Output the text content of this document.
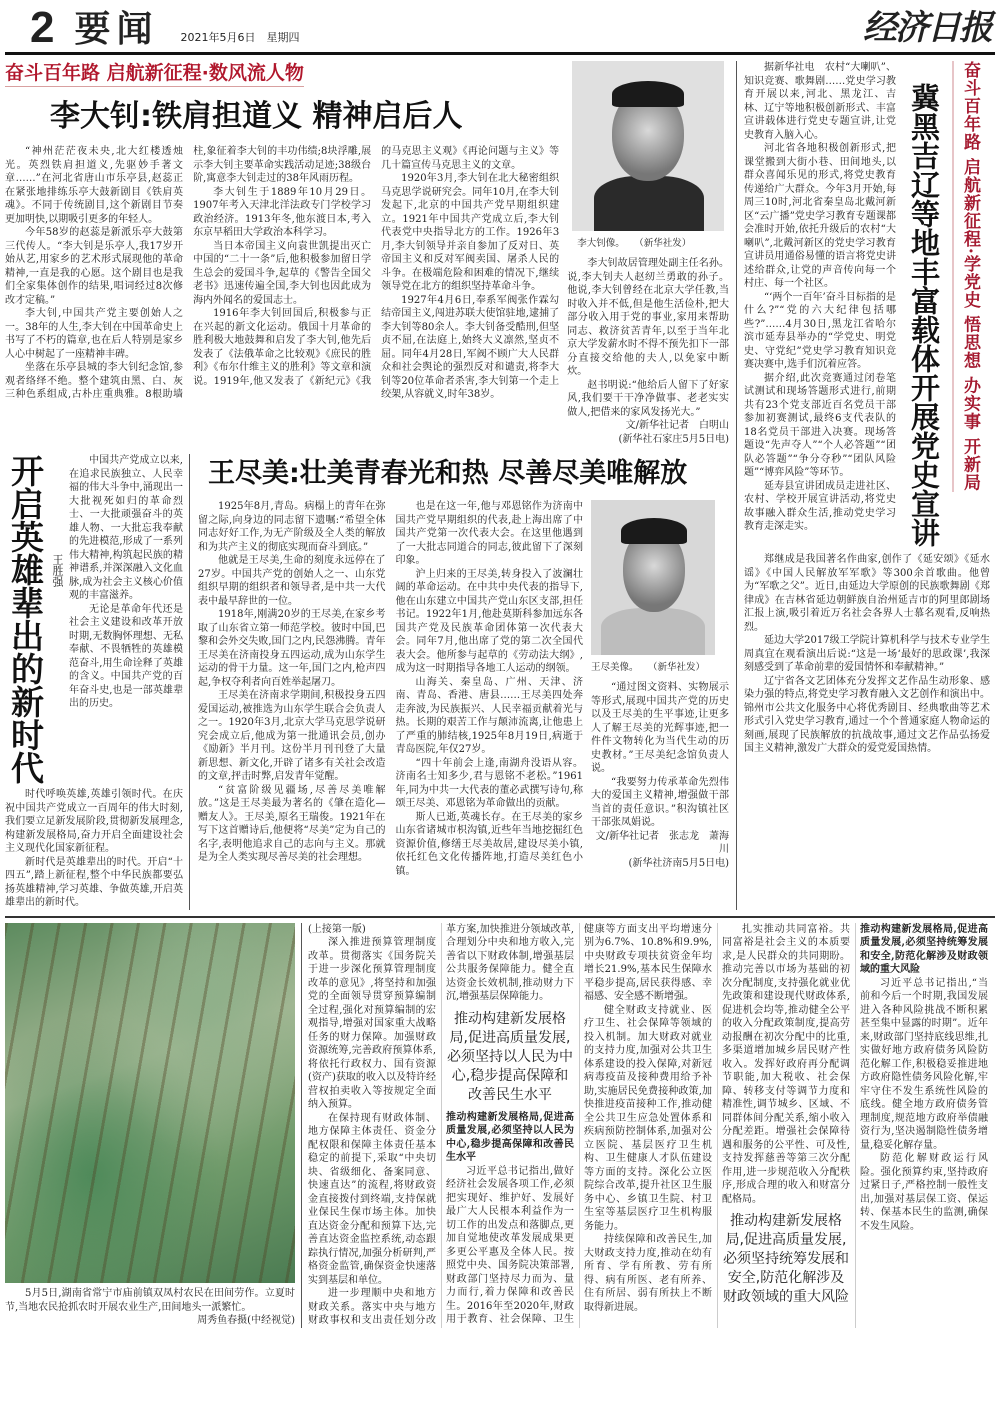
2 要闻 2021年5月6日　星期四	经济日报
奋斗百年路 启航新征程·数风流人物
李大钊:铁肩担道义 精神启后人

“神州茫茫夜未央,北大红楼透烛光。英烈铁肩担道义,先驱妙手著文章……”在河北省唐山市乐亭县,赵蕊正在紧张地排练乐亭大鼓新剧目《铁肩英魂》。不同于传统剧目,这个新剧目节奏更加明快,以期吸引更多的年轻人。

今年58岁的赵蕊是新派乐亭大鼓第三代传人。“李大钊是乐亭人,我17岁开始从艺,用家乡的艺术形式展现他的革命精神,一直是我的心愿。这个剧目也是我们全家集体创作的结果,唱词经过8次修改才定稿。”

李大钊,中国共产党主要创始人之一。38年的人生,李大钊在中国革命史上书写了不朽的篇章,也在后人特别是家乡人心中树起了一座精神丰碑。

坐落在乐亭县城的李大钊纪念馆,参观者络绎不绝。整个建筑由黑、白、灰三种色系组成,古朴庄重典雅。8根助墙柱,象征着李大钊的丰功伟绩;8块浮雕,展示李大钊主要革命实践活动足迹;38级台阶,寓意李大钊走过的38年风雨历程。

李大钊生于1889年10月29日。1907年考入天津北洋法政专门学校学习政治经济。1913年冬,他东渡日本,考入东京早稻田大学政治本科学习。

当日本帝国主义向袁世凯提出灭亡中国的“二十一条”后,他积极参加留日学生总会的爱国斗争,起草的《警告全国父老书》迅速传遍全国,李大钊也因此成为海内外闻名的爱国志士。

1916年李大钊回国后,积极参与正在兴起的新文化运动。俄国十月革命的胜利极大地鼓舞和启发了李大钊,他先后发表了《法俄革命之比较观》《庶民的胜利》《布尔什维主义的胜利》等文章和演说。1919年,他又发表了《新纪元》《我的马克思主义观》《再论问题与主义》等几十篇宣传马克思主义的文章。

1920年3月,李大钊在北大秘密组织马克思学说研究会。同年10月,在李大钊发起下,北京的中国共产党早期组织建立。1921年中国共产党成立后,李大钊代表党中央指导北方的工作。1926年3月,李大钊领导并亲自参加了反对日、英帝国主义和反对军阀卖国、屠杀人民的斗争。在极端危险和困难的情况下,继续领导党在北方的组织坚持革命斗争。

1927年4月6日,奉系军阀张作霖勾结帝国主义,闯进苏联大使馆驻地,逮捕了李大钊等80余人。李大钊备受酷刑,但坚贞不屈,在法庭上,始终大义凛然,坚贞不屈。同年4月28日,军阀不顾广大人民群众和社会舆论的强烈反对和谴责,将李大钊等20位革命者杀害,李大钊第一个走上绞架,从容就义,时年38岁。

李大钊像。　　（新华社发）

李大钊故居管理处副主任名孙。说,李大钊夫人赵纫兰勇敢的孙子。他说,李大钊曾经在北京大学任教,当时收入并不低,但是他生活俭朴,把大部分收入用于党的事业,家用来帮助同志、救济贫苦青年,以至于当年北京大学发薪水时不得不预先扣下一部分直接交给他的夫人,以免家中断炊。

赵书明说:“他给后人留下了好家风,我们要干干净净做事、老老实实做人,把借来的家风发扬光大。”

文/新华社记者　白明山

(新华社石家庄5月5日电)

开启英雄辈出的新时代 王胜强

中国共产党成立以来,在追求民族独立、人民幸福的伟大斗争中,涌现出一大批视死如归的革命烈士、一大批顽强奋斗的英雄人物、一大批忘我奉献的先进模范,形成了一系列伟大精神,构筑起民族的精神谱系,并深深融入文化血脉,成为社会主义核心价值观的丰富滋养。

无论是革命年代还是社会主义建设和改革开放时期,无数胸怀理想、无私奉献、不畏牺牲的英雄模范奋斗,用生命诠释了英雄的含义。中国共产党的百年奋斗史,也是一部英雄辈出的历史。

时代呼唤英雄,英雄引领时代。在庆祝中国共产党成立一百周年的伟大时刻,我们要立足新发展阶段,贯彻新发展理念,构建新发展格局,奋力开启全面建设社会主义现代化国家新征程。

新时代是英雄辈出的时代。开启“十四五”,踏上新征程,整个中华民族都要弘扬英雄精神,学习英雄、争做英雄,开启英雄辈出的新时代。

王尽美:壮美青春光和热 尽善尽美唯解放

1925年8月,青岛。病榻上的青年在弥留之际,向身边的同志留下遗嘱:“希望全体同志好好工作,为无产阶级及全人类的解放和为共产主义的彻底实现而奋斗到底。”

他就是王尽美,生命的刻度永远停在了27岁。中国共产党的创始人之一、山东党组织早期的组织者和领导者,是中共一大代表中最早辞世的一位。

1918年,刚满20岁的王尽美,在家乡考取了山东省立第一师范学校。彼时中国,巴黎和会外交失败,国门之内,民怨沸腾。青年王尽美在济南投身五四运动,成为山东学生运动的骨干力量。这一年,国门之内,枪声四起,争权夺利者向百姓举起屠刀。

王尽美在济南求学期间,积极投身五四爱国运动,被推选为山东学生联合会负责人之一。1920年3月,北京大学马克思学说研究会成立后,他成为第一批通讯会员,创办《励新》半月刊。这份半月刊刊登了大量新思想、新文化,开辟了诸多有关社会改造的文章,抨击时弊,启发青年觉醒。

“贫富阶级见疆场,尽善尽美唯解放。”这是王尽美最为著名的《肇在造化—赠友人》。王尽美,原名王瑞俊。1921年在写下这首赠诗后,他便将“尽美”定为自己的名字,表明他追求自己的志向与主义。那就是为全人类实现尽善尽美的社会理想。

也是在这一年,他与邓恩铭作为济南中国共产党早期组织的代表,赴上海出席了中国共产党第一次代表大会。在这里他遇到了一大批志同道合的同志,彼此留下了深刻印象。

沪上归来的王尽美,转身投入了波澜壮阔的革命运动。在中共中央代表的指导下,他在山东建立中国共产党山东区支部,担任书记。1922年1月,他赴莫斯科参加远东各国共产党及民族革命团体第一次代表大会。同年7月,他出席了党的第二次全国代表大会。他所参与起草的《劳动法大纲》,成为这一时期指导各地工人运动的纲领。

山海关、秦皇岛、广州、天津、济南、青岛、香港、唐县……王尽美四处奔走奔波,为民族振兴、人民幸福贡献着光与热。长期的艰苦工作与颠沛流离,让他患上了严重的肺结核,1925年8月19日,病逝于青岛医院,年仅27岁。

“四十年前会上逢,南湖舟没语从容。济南名士知多少,君与恩铭不老松。”1961年,同为中共一大代表的董必武撰写诗句,称颂王尽美、邓恩铭为革命做出的贡献。

斯人已逝,英魂长存。在王尽美的家乡山东省诸城市枳沟镇,近些年当地挖掘红色资源价值,修缮王尽美故居,建设尽美小镇,依托红色文化传播阵地,打造尽美红色小镇。

王尽美像。　　（新华社发）

“通过图文资料、实物展示等形式,展现中国共产党的历史以及王尽美的生平事迹,让更多人了解王尽美的光辉事迹,把一件件文物转化为当代生动的历史教材。”王尽美纪念馆负责人说。

“我要努力传承革命先烈伟大的爱国主义精神,增强做干部当首的责任意识。”积沟镇社区干部张凤娟说。

文/新华社记者　张志龙　萧海川

(新华社济南5月5日电)

据新华社电　农村“大喇叭”、知识竞赛、歌舞剧……党史学习教育开展以来,河北、黑龙江、吉林、辽宁等地积极创新形式、丰富宣讲载体进行党史专题宣讲,让党史教育入脑入心。

河北省各地积极创新形式,把课堂搬到大街小巷、田间地头,以群众喜闻乐见的形式,将党史教育传递给广大群众。今年3月开始,每周三10时,河北省秦皇岛北戴河新区“云广播”党史学习教育专题课都会准时开始,依托升级后的农村“大喇叭”,北戴河新区的党史学习教育宣讲员用通俗易懂的语言将党史讲述给群众,让党的声音传向每一个村庄、每一个社区。

“‘两个一百年’奋斗目标指的是什么?”“党的六大纪律包括哪些?”……4月30日,黑龙江省哈尔滨市延寿县举办的“学党史、明党史、守党纪”党史学习教育知识竞赛决赛中,选手们沉着应答。

据介绍,此次竞赛通过闭卷笔试测试和现场答题形式进行,前期共有23个党支部近百名党员干部参加初赛测试,最终6支代表队的18名党员干部进入决赛。现场答题设“先声夺人”“个人必答题”“团队必答题”“争分夺秒”“团队风险题”“博弈风险”等环节。

延寿县宣讲团成员走进社区、农村、学校开展宣讲活动,将党史故事融入群众生活,推动党史学习教育走深走实。	冀黑吉辽等地丰富载体开展党史宣讲 奋斗百年路 启航新征程·学党史 悟思想 办实事 开新局

郑继成是我国著名作曲家,创作了《延安颂》《延水谣》《中国人民解放军军歌》等300余首歌曲。他曾为“军歌之父”。近日,由延边大学原创的民族歌舞剧《郑律成》在吉林省延边朝鲜族自治州延吉市的阿里郎剧场汇报上演,吸引着近万名社会各界人士慕名观看,反响热烈。

延边大学2017级工学院计算机科学与技术专业学生周真宜在观看演出后说:“这是一场‘最好的思政课’,我深刻感受到了革命前辈的爱国情怀和奉献精神。”

辽宁省各文艺团体充分发挥文艺作品生动形象、感染力强的特点,将党史学习教育融入文艺创作和演出中。锦州市公共文化服务中心将优秀剧目、经典歌曲等艺术形式引入党史学习教育,通过一个个普通家庭人物命运的刻画,展现了民族解放的抗战故事,通过文艺作品弘扬爱国主义精神,激发广大群众的爱党爱国热情。

5月5日,湖南省常宁市庙前镇双凤村农民在田间劳作。立夏时节,当地农民抢抓农时开展农业生产,田间地头一派繁忙。

周秀鱼春摄(中经视觉)

(上接第一版)

深入推进预算管理制度改革。贯彻落实《国务院关于进一步深化预算管理制度改革的意见》,将坚持和加强党的全面领导贯穿预算编制全过程,强化对预算编制的宏观指导,增强对国家重大战略任务的财力保障。加强财政资源统筹,完善政府预算体系,将依托行政权力、国有资源(资产)获取的收入以及特许经营权拍卖收入等按规定全面纳入预算。

在保持现有财政体制、地方保障主体责任、资金分配权限和保障主体责任基本稳定的前提下,采取“中央切块、省级细化、备案同意、快速直达”的流程,将财政资金直接拨付到终端,支持保就业保民生保市场主体。加快直达资金分配和预算下达,完善直达资金监控系统,动态跟踪执行情况,加强分析研判,严格资金监管,确保资金快速落实到基层和单位。

进一步理顺中央和地方财政关系。落实中央与地方财政事权和支出责任划分改革方案,加快推进分领域改革,合理划分中央和地方收入,完善省以下财政体制,增强基层公共服务保障能力。健全直达资金长效机制,推动财力下沉,增强基层保障能力。

推动构建新发展格局,促进高质量发展,必须坚持以人民为中心,稳步提高保障和改善民生水平

推动构建新发展格局,促进高质量发展,必须坚持以人民为中心,稳步提高保障和改善民生水平

习近平总书记指出,做好经济社会发展各项工作,必须把实现好、维护好、发展好最广大人民根本利益作为一切工作的出发点和落脚点,更加自觉地使改革发展成果更多更公平惠及全体人民。按照党中央、国务院决策部署,财政部门坚持尽力而为、量力而行,着力保障和改善民生。2016年至2020年,财政用于教育、社会保障、卫生健康等方面支出平均增速分别为6.7%、10.8%和9.9%,中央财政专项扶贫资金年均增长21.9%,基本民生保障水平稳步提高,居民获得感、幸福感、安全感不断增强。

健全财政支持就业、医疗卫生、社会保障等领域的投入机制。加大财政对就业的支持力度,加强对公共卫生体系建设的投入保障,对新冠病毒疫苗及接种费用给予补助,实施居民免费接种政策,加快推进疫苗接种工作,推动健全公共卫生应急处置体系和疾病预防控制体系,加强对公立医院、基层医疗卫生机构、卫生健康人才队伍建设等方面的支持。深化公立医院综合改革,提升社区卫生服务中心、乡镇卫生院、村卫生室等基层医疗卫生机构服务能力。

持续保障和改善民生,加大财政支持力度,推动在幼有所育、学有所教、劳有所得、病有所医、老有所养、住有所居、弱有所扶上不断取得新进展。

扎实推动共同富裕。共同富裕是社会主义的本质要求,是人民群众的共同期盼。推动完善以市场为基础的初次分配制度,支持强化就业优先政策和建设现代财政体系,促进机会均等,推动健全公平的收入分配政策制度,提高劳动报酬在初次分配中的比重,多渠道增加城乡居民财产性收入。发挥好政府再分配调节职能,加大税收、社会保障、转移支付等调节力度和精准性,调节城乡、区域、不同群体间分配关系,缩小收入分配差距。增强社会保障待遇和服务的公平性、可及性,支持发挥慈善等第三次分配作用,进一步规范收入分配秩序,形成合理的收入和财富分配格局。

推动构建新发展格局,促进高质量发展,必须坚持统筹发展和安全,防范化解涉及财政领域的重大风险

推动构建新发展格局,促进高质量发展,必须坚持统筹发展和安全,防范化解涉及财政领域的重大风险

习近平总书记指出,“当前和今后一个时期,我国发展进入各种风险挑战不断积累甚至集中显露的时期”。近年来,财政部门坚持底线思维,扎实做好地方政府债务风险防范化解工作,积极稳妥推进地方政府隐性债务风险化解,牢牢守住不发生系统性风险的底线。健全地方政府债务管理制度,规范地方政府举债融资行为,坚决遏制隐性债务增量,稳妥化解存量。

防范化解财政运行风险。强化预算约束,坚持政府过紧日子,严格控制一般性支出,加强对基层保工资、保运转、保基本民生的监测,确保不发生风险。
